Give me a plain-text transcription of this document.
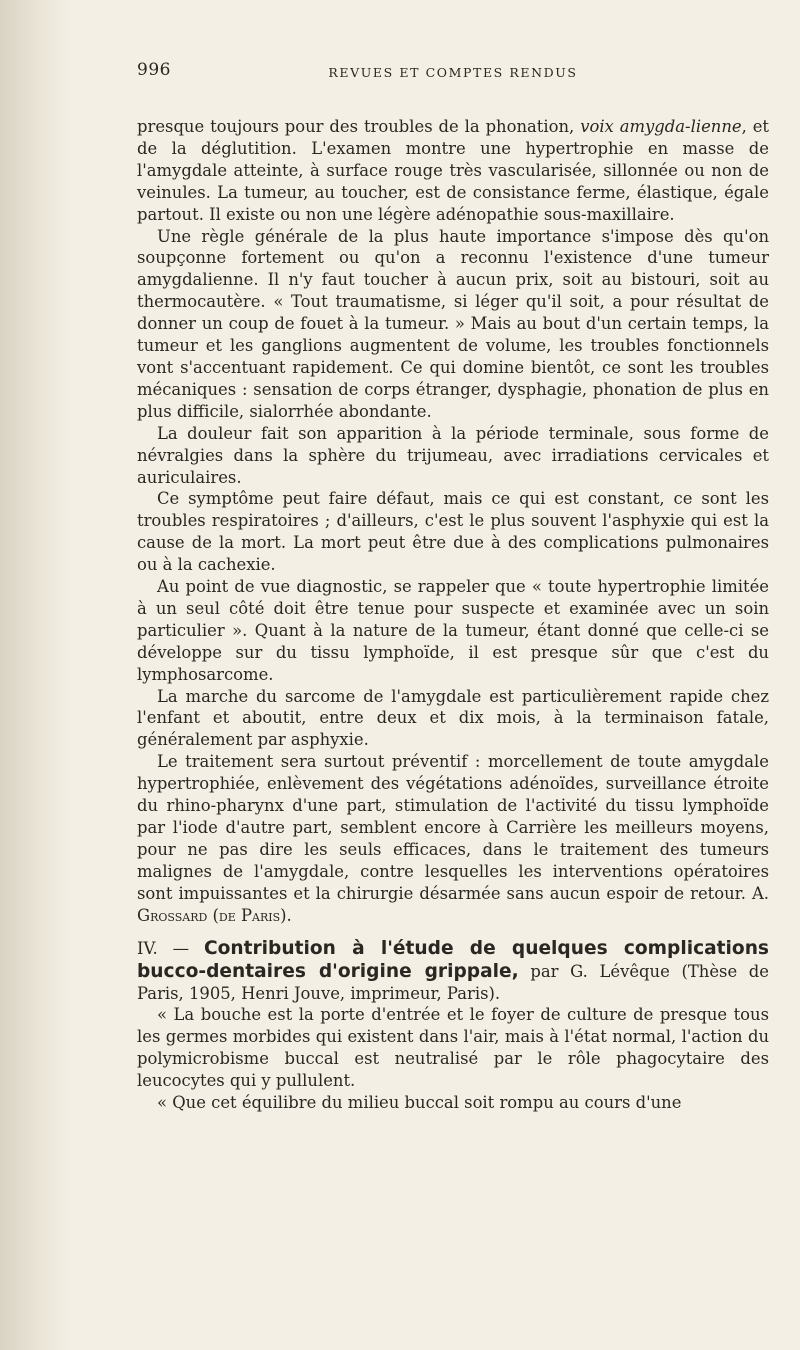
996	REVUES ET COMPTES RENDUS

presque toujours pour des troubles de la phonation, voix amygda-lienne, et de la déglutition. L'examen montre une hypertrophie en masse de l'amygdale atteinte, à surface rouge très vascularisée, sillonnée ou non de veinules. La tumeur, au toucher, est de consistance ferme, élastique, égale partout. Il existe ou non une légère adénopathie sous-maxillaire.

Une règle générale de la plus haute importance s'impose dès qu'on soupçonne fortement ou qu'on a reconnu l'existence d'une tumeur amygdalienne. Il n'y faut toucher à aucun prix, soit au bistouri, soit au thermocautère. « Tout traumatisme, si léger qu'il soit, a pour résultat de donner un coup de fouet à la tumeur. » Mais au bout d'un certain temps, la tumeur et les ganglions augmentent de volume, les troubles fonctionnels vont s'accentuant rapidement. Ce qui domine bientôt, ce sont les troubles mécaniques : sensation de corps étranger, dysphagie, phonation de plus en plus difficile, sialorrhée abondante.

La douleur fait son apparition à la période terminale, sous forme de névralgies dans la sphère du trijumeau, avec irradiations cervicales et auriculaires.

Ce symptôme peut faire défaut, mais ce qui est constant, ce sont les troubles respiratoires ; d'ailleurs, c'est le plus souvent l'asphyxie qui est la cause de la mort. La mort peut être due à des complications pulmonaires ou à la cachexie.

Au point de vue diagnostic, se rappeler que « toute hypertrophie limitée à un seul côté doit être tenue pour suspecte et examinée avec un soin particulier ». Quant à la nature de la tumeur, étant donné que celle-ci se développe sur du tissu lymphoïde, il est presque sûr que c'est du lymphosarcome.

La marche du sarcome de l'amygdale est particulièrement rapide chez l'enfant et aboutit, entre deux et dix mois, à la terminaison fatale, généralement par asphyxie.

Le traitement sera surtout préventif : morcellement de toute amygdale hypertrophiée, enlèvement des végétations adénoïdes, surveillance étroite du rhino-pharynx d'une part, stimulation de l'activité du tissu lymphoïde par l'iode d'autre part, semblent encore à Carrière les meilleurs moyens, pour ne pas dire les seuls efficaces, dans le traitement des tumeurs malignes de l'amygdale, contre lesquelles les interventions opératoires sont impuissantes et la chirurgie désarmée sans aucun espoir de retour. A. Grossard (de Paris).

IV. — Contribution à l'étude de quelques complications bucco-dentaires d'origine grippale, par G. Lévêque (Thèse de Paris, 1905, Henri Jouve, imprimeur, Paris).

« La bouche est la porte d'entrée et le foyer de culture de presque tous les germes morbides qui existent dans l'air, mais à l'état normal, l'action du polymicrobisme buccal est neutralisé par le rôle phagocytaire des leucocytes qui y pullulent.

« Que cet équilibre du milieu buccal soit rompu au cours d'une
